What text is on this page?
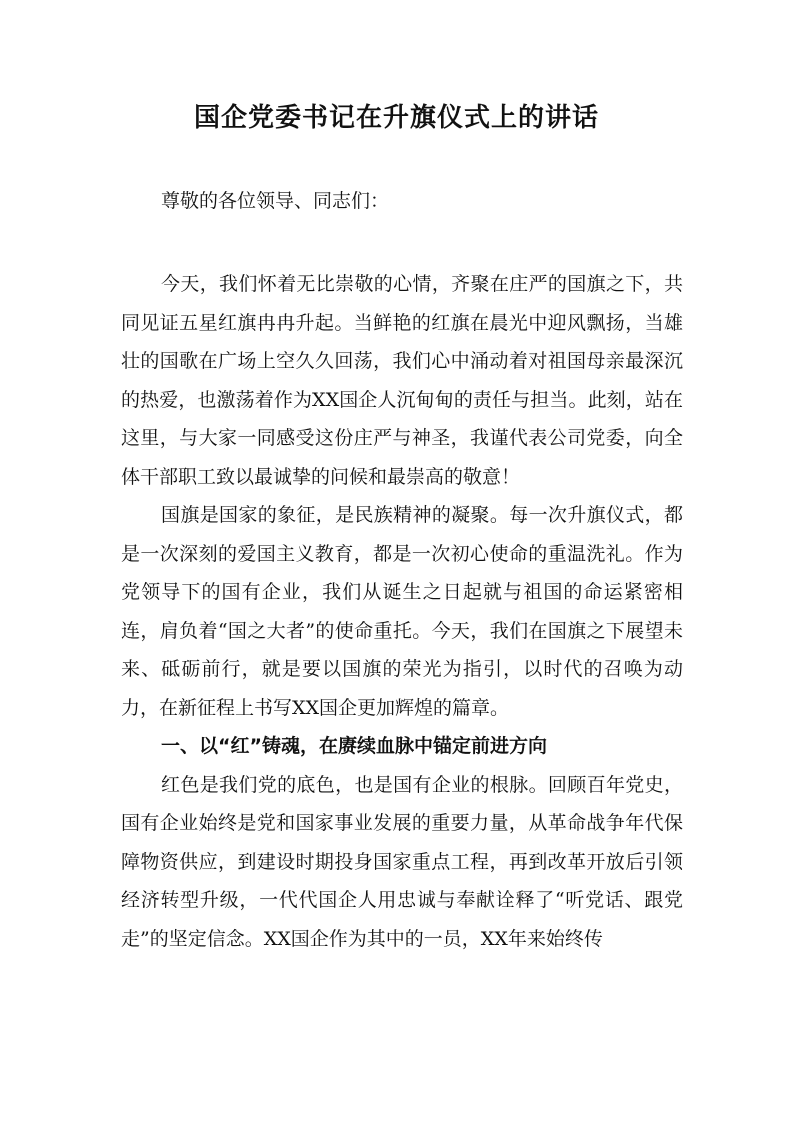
国企党委书记在升旗仪式上的讲话

尊敬的各位领导、同志们：

今天，我们怀着无比崇敬的心情，齐聚在庄严的国旗之下，共同见证五星红旗冉冉升起。当鲜艳的红旗在晨光中迎风飘扬，当雄壮的国歌在广场上空久久回荡，我们心中涌动着对祖国母亲最深沉的热爱，也激荡着作为XX国企人沉甸甸的责任与担当。此刻，站在这里，与大家一同感受这份庄严与神圣，我谨代表公司党委，向全体干部职工致以最诚挚的问候和最崇高的敬意！

国旗是国家的象征，是民族精神的凝聚。每一次升旗仪式，都是一次深刻的爱国主义教育，都是一次初心使命的重温洗礼。作为党领导下的国有企业，我们从诞生之日起就与祖国的命运紧密相连，肩负着“国之大者”的使命重托。今天，我们在国旗之下展望未来、砥砺前行，就是要以国旗的荣光为指引，以时代的召唤为动力，在新征程上书写XX国企更加辉煌的篇章。

一、以“红”铸魂，在赓续血脉中锚定前进方向

红色是我们党的底色，也是国有企业的根脉。回顾百年党史，国有企业始终是党和国家事业发展的重要力量，从革命战争年代保障物资供应，到建设时期投身国家重点工程，再到改革开放后引领经济转型升级，一代代国企人用忠诚与奉献诠释了“听党话、跟党走”的坚定信念。XX国企作为其中的一员，XX年来始终传
